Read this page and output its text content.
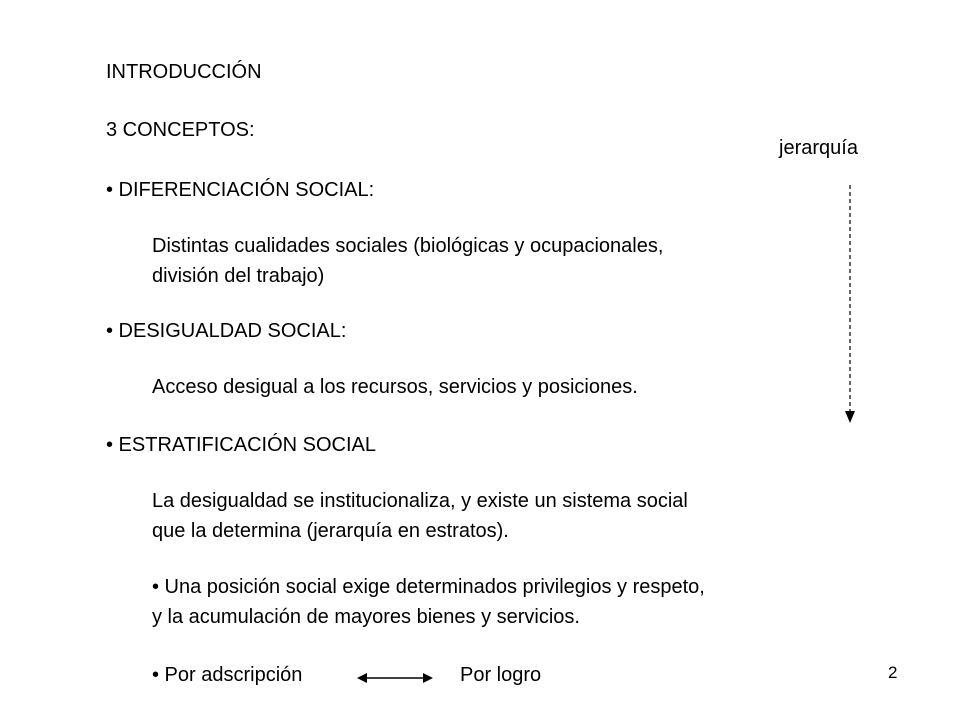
INTRODUCCIÓN
3 CONCEPTOS:
jerarquía
• DIFERENCIACIÓN SOCIAL:
Distintas cualidades sociales (biológicas y ocupacionales,
división del trabajo)
• DESIGUALDAD SOCIAL:
Acceso desigual a los recursos, servicios y posiciones.
• ESTRATIFICACIÓN SOCIAL
La desigualdad se institucionaliza, y existe un sistema social
que la determina (jerarquía en estratos).
• Una posición social exige determinados privilegios y respeto,
y la acumulación de mayores bienes y servicios.
• Por adscripción	Por logro	2
